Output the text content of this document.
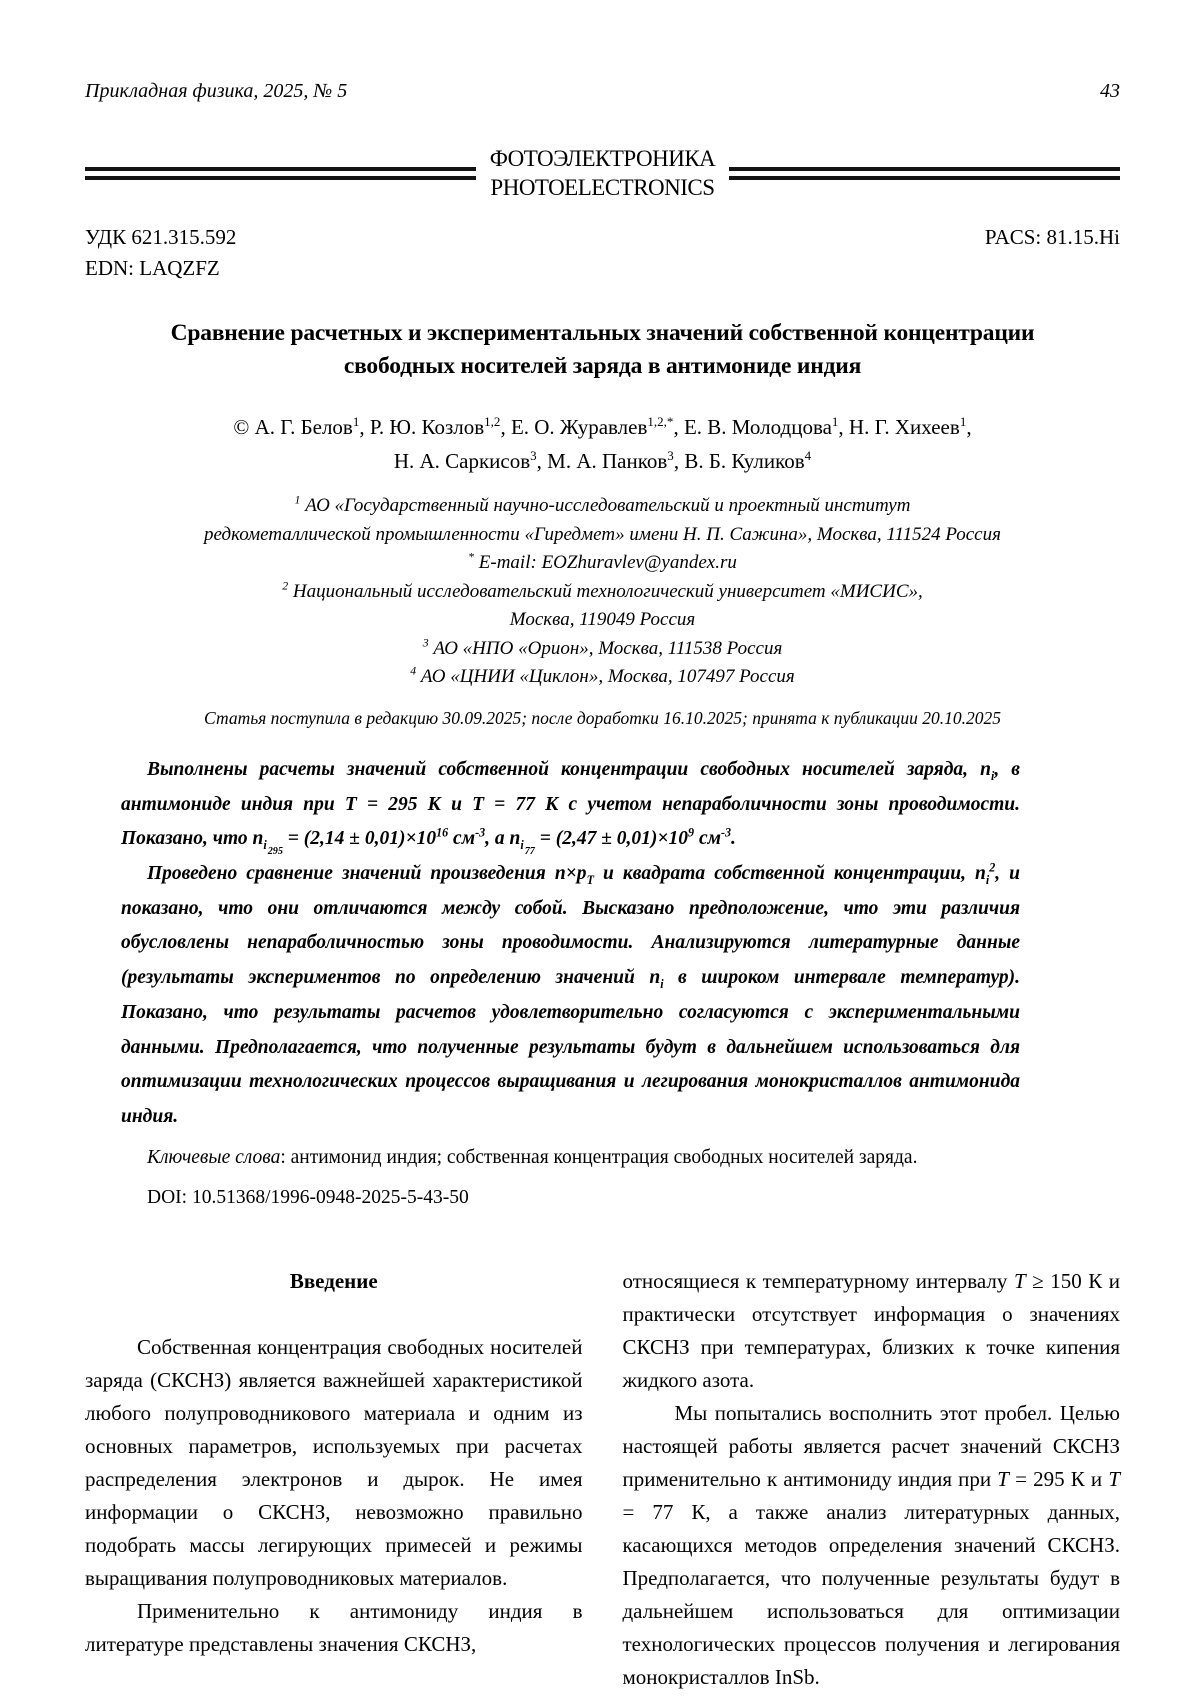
Прикладная физика, 2025, № 5	43
ФОТОЭЛЕКТРОНИКА
PHOTOELECTRONICS
УДК 621.315.592	PACS: 81.15.Hi
EDN: LAQZFZ
Сравнение расчетных и экспериментальных значений собственной концентрации свободных носителей заряда в антимониде индия

© А. Г. Белов$^1$, Р. Ю. Козлов$^{1,2}$, Е. О. Журавлев$^{1,2,*}$, Е. В. Молодцова$^1$, Н. Г. Хихеев$^1$,

Н. А. Саркисов$^3$, М. А. Панков$^3$, В. Б. Куликов$^4$

$^1$ АО «Государственный научно-исследовательский и проектный институт
редкометаллической промышленности «Гиредмет» имени Н. П. Сажина», Москва, 111524 Россия
* E-mail: EOZhuravlev@yandex.ru
$^2$ Национальный исследовательский технологический университет «МИСИС»,
Москва, 119049 Россия
$^3$ АО «НПО «Орион», Москва, 111538 Россия
$^4$ АО «ЦНИИ «Циклон», Москва, 107497 Россия

Статья поступила в редакцию 30.09.2025; после доработки 16.10.2025; принята к публикации 20.10.2025

Выполнены расчеты значений собственной концентрации свободных носителей заряда, $n_i$, в антимониде индия при Т = 295 К и Т = 77 К с учетом непараболичности зоны проводимости. Показано, что $n_{i295} = (2,14 \pm 0,01)\times 10^{16}$ $см^{-3}$, а $n_{i77} = (2,47 \pm 0,01)\times 10^9$ $см^{-3}$.

Проведено сравнение значений произведения $n\times p_T$ и квадрата собственной концентрации, $n_i^2$, и показано, что они отличаются между собой. Высказано предположение, что эти различия обусловлены непараболичностью зоны проводимости. Анализируются литературные данные (результаты экспериментов по определению значений $n_i$ в широком интервале температур). Показано, что результаты расчетов удовлетворительно согласуются с экспериментальными данными. Предполагается, что полученные результаты будут в дальнейшем использоваться для оптимизации технологических процессов выращивания и легирования монокристаллов антимонида индия.

Ключевые слова: антимонид индия; собственная концентрация свободных носителей заряда.

DOI: 10.51368/1996-0948-2025-5-43-50

Введение

Собственная концентрация свободных носителей заряда (СКСНЗ) является важнейшей характеристикой любого полупроводникового материала и одним из основных параметров, используемых при расчетах распределения электронов и дырок. Не имея информации о СКСНЗ, невозможно правильно подобрать массы легирующих примесей и режимы выращивания полупроводниковых материалов.

Применительно к антимониду индия в литературе представлены значения СКСНЗ,

относящиеся к температурному интервалу T ≥ 150 К и практически отсутствует информация о значениях СКСНЗ при температурах, близких к точке кипения жидкого азота.

Мы попытались восполнить этот пробел. Целью настоящей работы является расчет значений СКСНЗ применительно к антимониду индия при T = 295 К и T = 77 К, а также анализ литературных данных, касающихся методов определения значений СКСНЗ. Предполагается, что полученные результаты будут в дальнейшем использоваться для оптимизации технологических процессов получения и легирования монокристаллов InSb.
